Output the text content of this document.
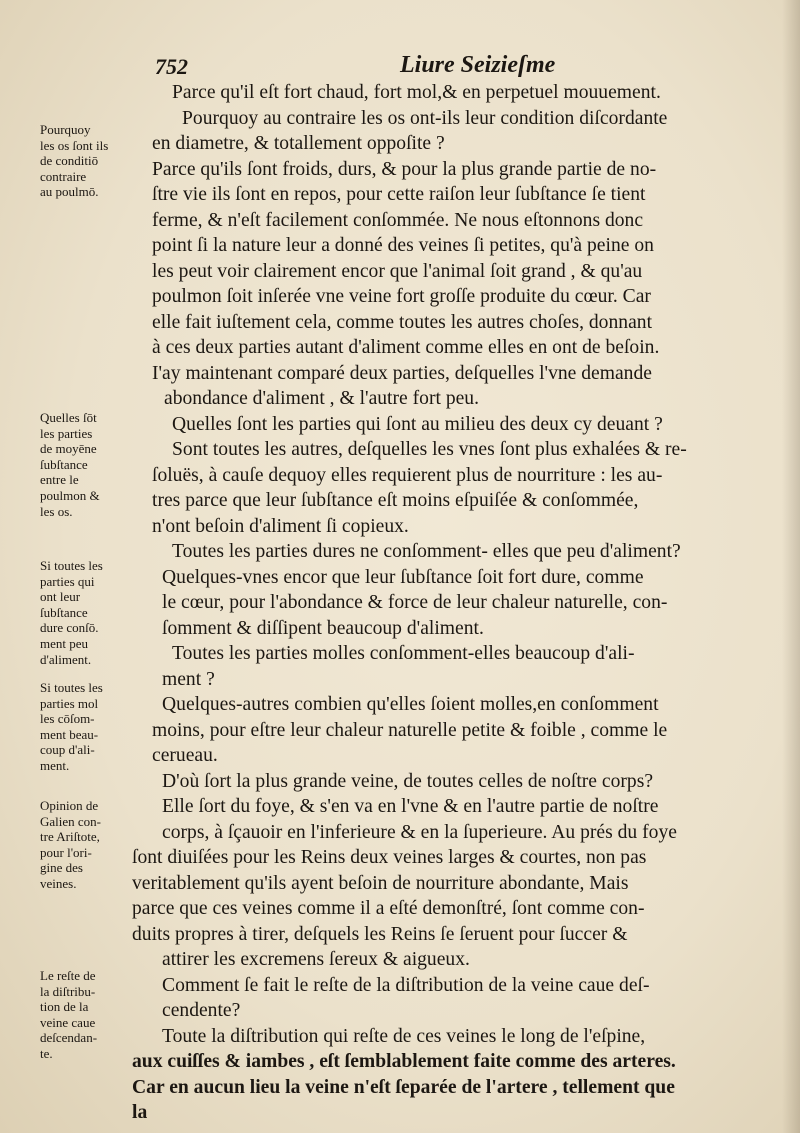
752	Liure Seizieſme
Pourquoy
les os ſont ils
de conditiō
contraire
au poulmō.
Quelles ſōt
les parties
de moyēne
ſubſtance
entre le
poulmon &
les os.
Si toutes les
parties qui
ont leur
ſubſtance
dure conſō.
ment peu
d'aliment.
Si toutes les
parties mol
les cōſom-
ment beau-
coup d'ali-
ment.
Opinion de
Galien con-
tre Ariſtote,
pour l'ori-
gine des
veines.
Le reſte de
la diſtribu-
tion de la
veine caue
deſcendan-
te.
Parce qu'il eſt fort chaud, fort mol,& en perpetuel mouuement.
Pourquoy au contraire les os ont-ils leur condition diſcordante
en diametre, & totallement oppoſite ?
Parce qu'ils ſont froids, durs, & pour la plus grande partie de no-
ſtre vie ils ſont en repos, pour cette raiſon leur ſubſtance ſe tient
ferme, & n'eſt facilement conſommée. Ne nous eſtonnons donc
point ſi la nature leur a donné des veines ſi petites, qu'à peine on
les peut voir clairement encor que l'animal ſoit grand , & qu'au
poulmon ſoit inſerée vne veine fort groſſe produite du cœur. Car
elle fait iuſtement cela, comme toutes les autres choſes, donnant
à ces deux parties autant d'aliment comme elles en ont de beſoin.
I'ay maintenant comparé deux parties, deſquelles l'vne demande
abondance d'aliment , & l'autre fort peu.
Quelles ſont les parties qui ſont au milieu des deux cy deuant ?
Sont toutes les autres, deſquelles les vnes ſont plus exhalées & re-
ſoluës, à cauſe dequoy elles requierent plus de nourriture : les au-
tres parce que leur ſubſtance eſt moins eſpuiſée & conſommée,
n'ont beſoin d'aliment ſi copieux.
Toutes les parties dures ne conſomment- elles que peu d'aliment?
Quelques-vnes encor que leur ſubſtance ſoit fort dure, comme
le cœur, pour l'abondance & force de leur chaleur naturelle, con-
ſomment & diſſipent beaucoup d'aliment.
Toutes les parties molles conſomment-elles beaucoup d'ali-
ment ?
Quelques-autres combien qu'elles ſoient molles,en conſomment
moins, pour eſtre leur chaleur naturelle petite & foible , comme le
cerueau.
D'où ſort la plus grande veine, de toutes celles de noſtre corps?
Elle ſort du foye, & s'en va en l'vne & en l'autre partie de noſtre
corps, à ſçauoir en l'inferieure & en la ſuperieure. Au prés du foye
ſont diuiſées pour les Reins deux veines larges & courtes, non pas
veritablement qu'ils ayent beſoin de nourriture abondante, Mais
parce que ces veines comme il a eſté demonſtré, ſont comme con-
duits propres à tirer, deſquels les Reins ſe ſeruent pour ſuccer &
attirer les excremens ſereux & aigueux.
Comment ſe fait le reſte de la diſtribution de la veine caue deſ-
cendente?
Toute la diſtribution qui reſte de ces veines le long de l'eſpine,
aux cuiſſes & iambes , eſt ſemblablement faite comme des arteres.
Car en aucun lieu la veine n'eſt ſeparée de l'artere , tellement que
la
